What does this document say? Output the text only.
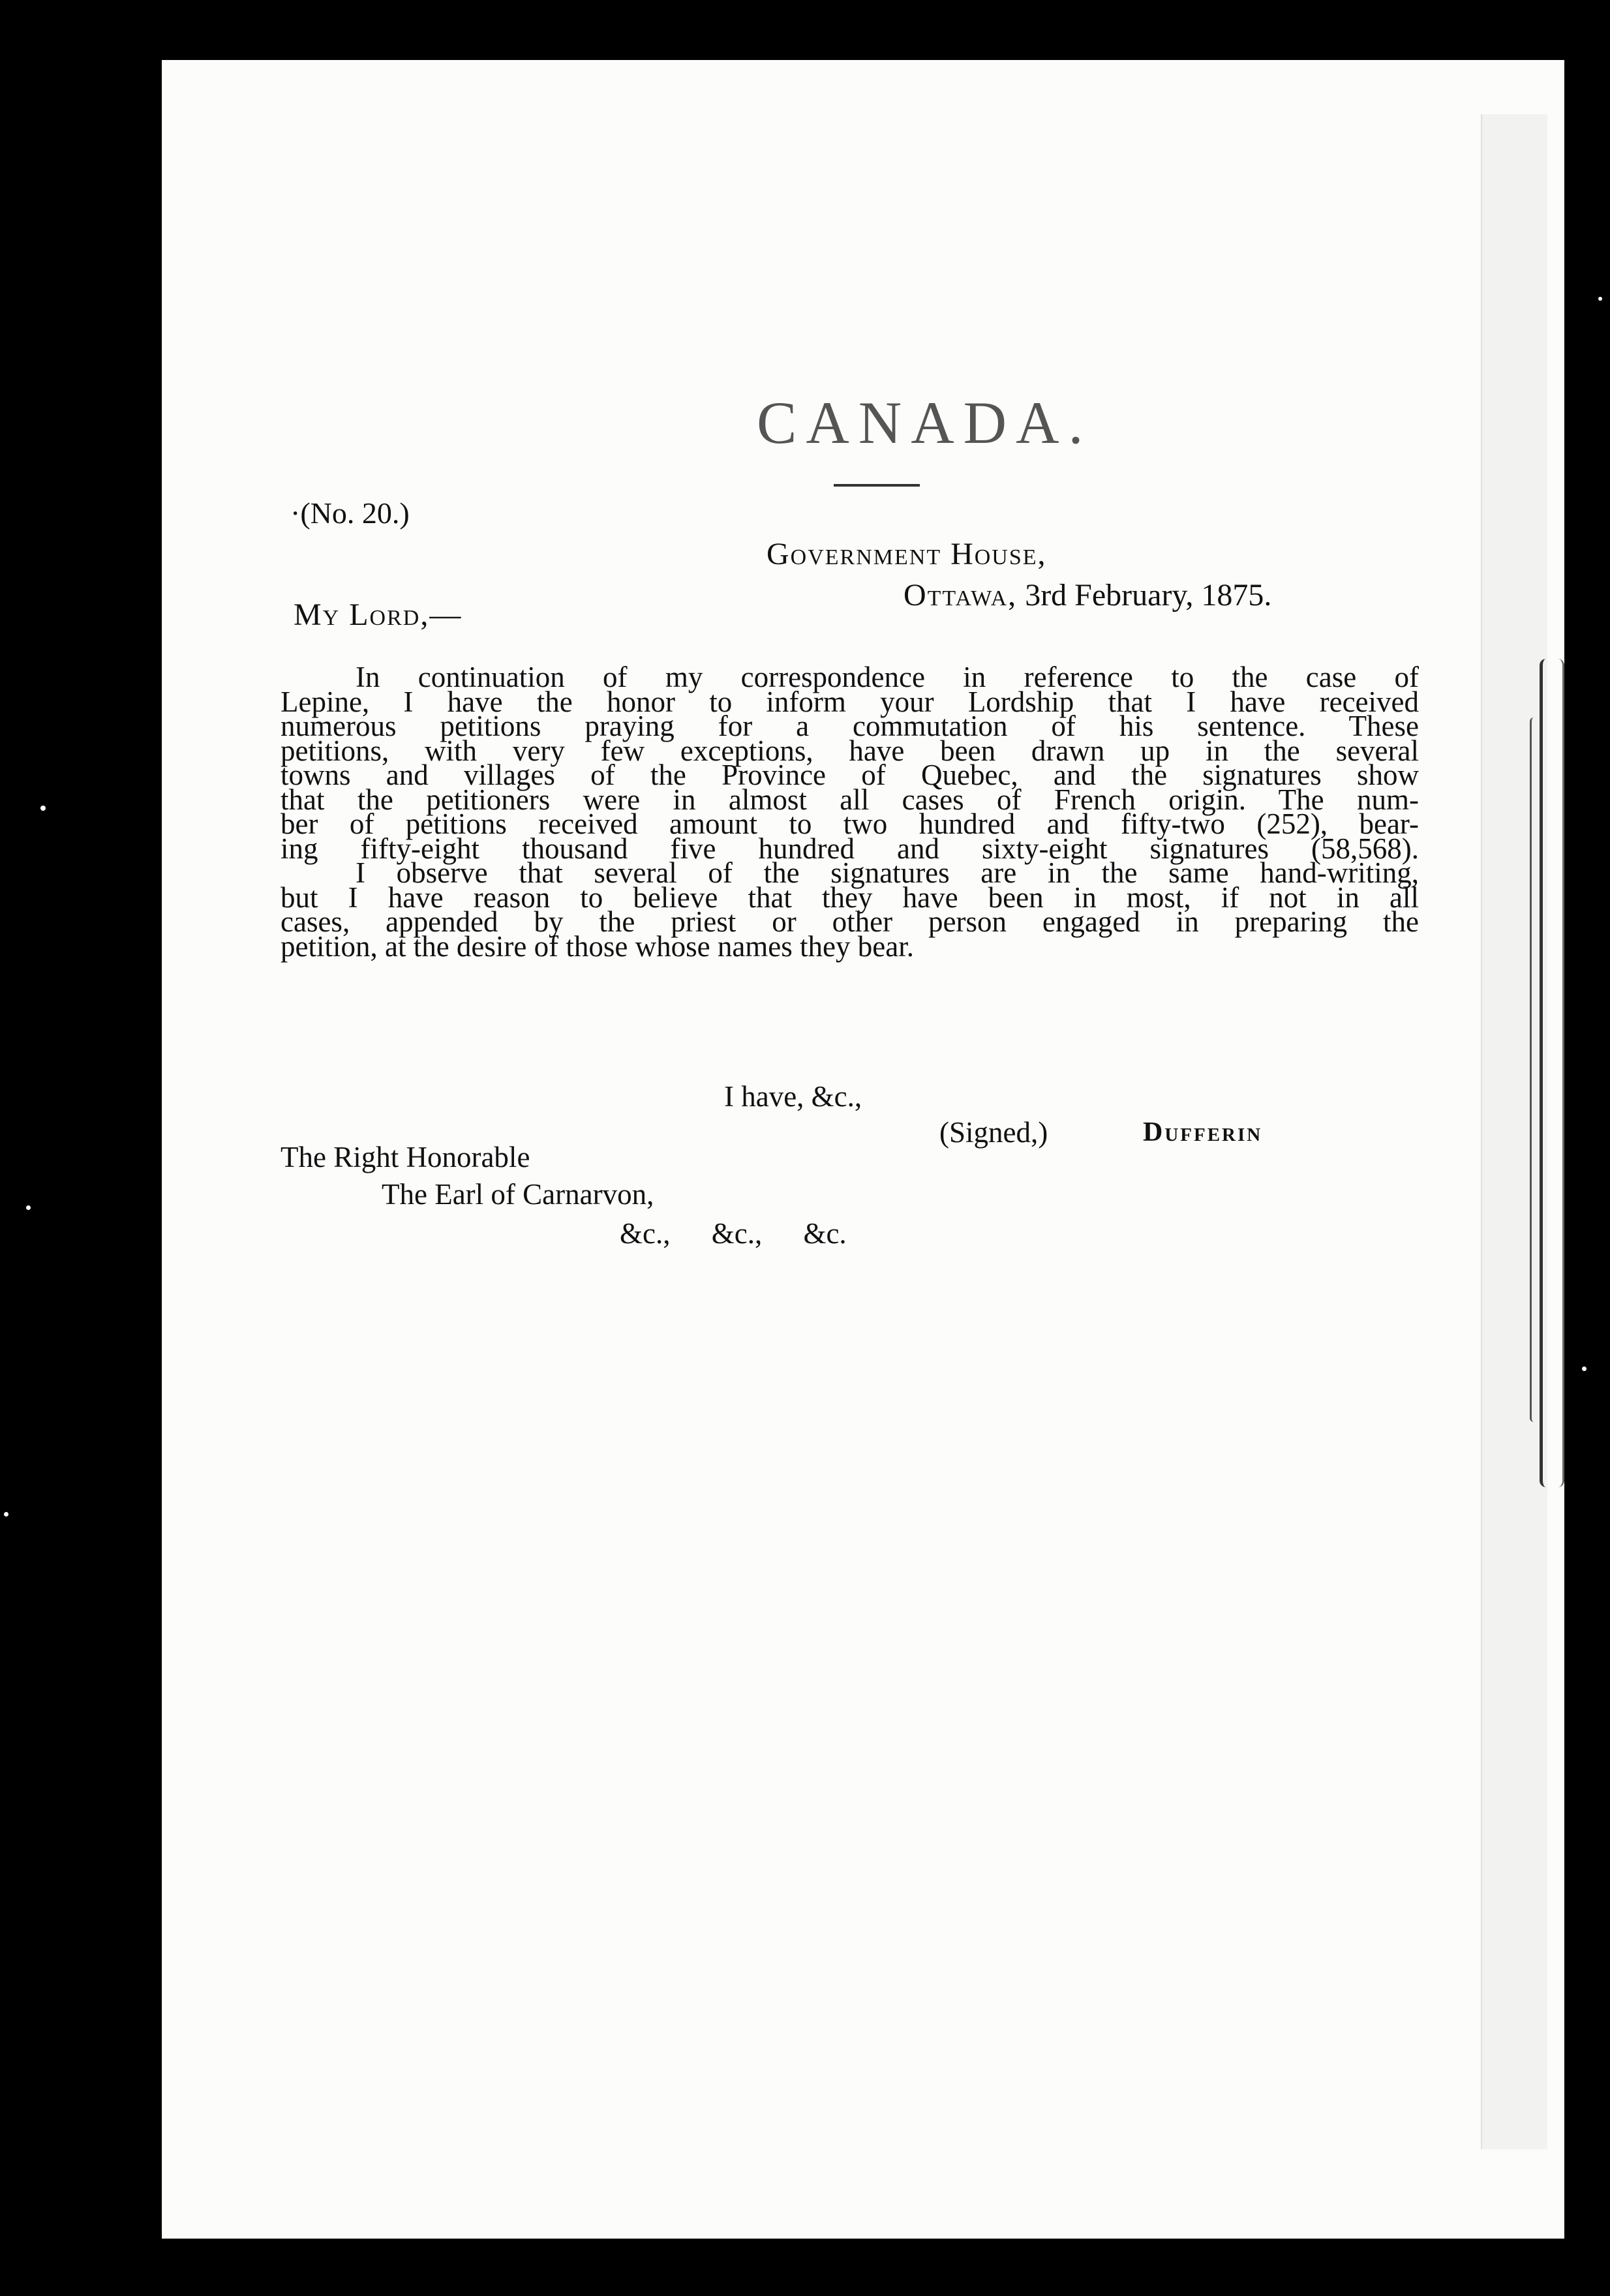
CANADA.
·(No. 20.)
Government House,
Ottawa, 3rd February, 1875.
My Lord,—
In continuation of my correspondence in reference to the case of
Lepine, I have the honor to inform your Lordship that I have received
numerous petitions praying for a commutation of his sentence. These
petitions, with very few exceptions, have been drawn up in the several
towns and villages of the Province of Quebec, and the signatures show
that the petitioners were in almost all cases of French origin. The num-
ber of petitions received amount to two hundred and fifty-two (252), bear-
ing fifty-eight thousand five hundred and sixty-eight signatures (58,568).
I observe that several of the signatures are in the same hand-writing,
but I have reason to believe that they have been in most, if not in all
cases, appended by the priest or other person engaged in preparing the
petition, at the desire of those whose names they bear.
I have, &c.,
(Signed,)	Dufferin
The Right Honorable
The Earl of Carnarvon,
&c., &c., &c.
